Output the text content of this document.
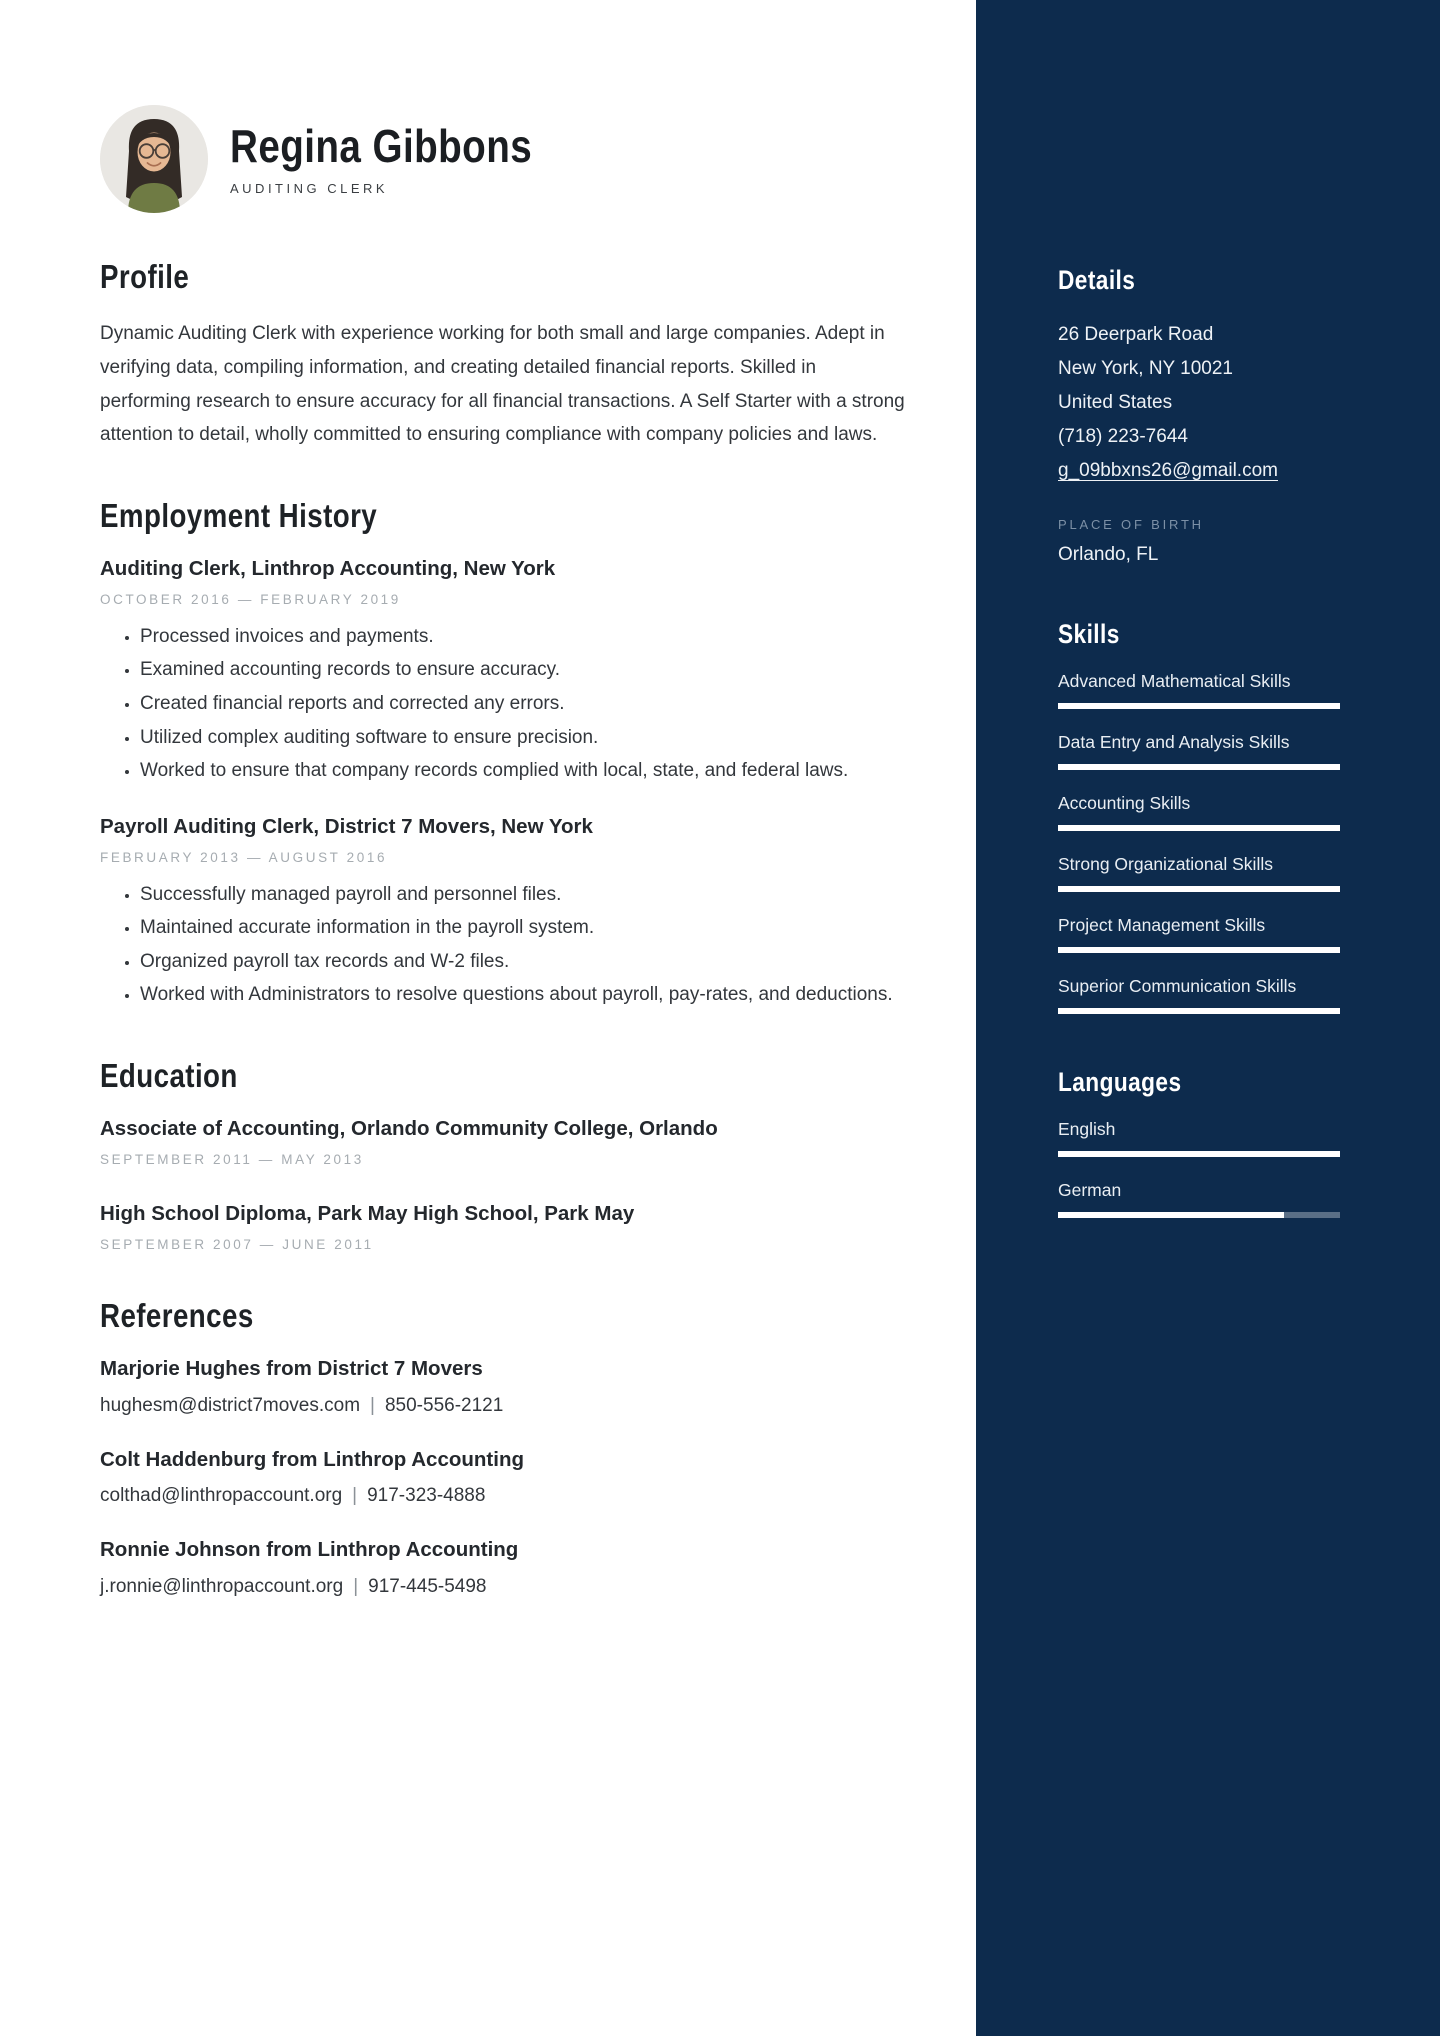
Regina Gibbons
AUDITING CLERK
Profile

Dynamic Auditing Clerk with experience working for both small and large companies. Adept in verifying data, compiling information, and creating detailed financial reports. Skilled in performing research to ensure accuracy for all financial transactions. A Self Starter with a strong attention to detail, wholly committed to ensuring compliance with company policies and laws.

Employment History
Auditing Clerk, Linthrop Accounting, New York
OCTOBER 2016 — FEBRUARY 2019
• Processed invoices and payments.
• Examined accounting records to ensure accuracy.
• Created financial reports and corrected any errors.
• Utilized complex auditing software to ensure precision.
• Worked to ensure that company records complied with local, state, and federal laws.
Payroll Auditing Clerk, District 7 Movers, New York
FEBRUARY 2013 — AUGUST 2016
• Successfully managed payroll and personnel files.
• Maintained accurate information in the payroll system.
• Organized payroll tax records and W-2 files.
• Worked with Administrators to resolve questions about payroll, pay-rates, and deductions.
Education
Associate of Accounting, Orlando Community College, Orlando
SEPTEMBER 2011 — MAY 2013
High School Diploma, Park May High School, Park May
SEPTEMBER 2007 — JUNE 2011
References
Marjorie Hughes from District 7 Movers
hughesm@district7moves.com | 850-556-2121
Colt Haddenburg from Linthrop Accounting
colthad@linthropaccount.org | 917-323-4888
Ronnie Johnson from Linthrop Accounting
j.ronnie@linthropaccount.org | 917-445-5498
Details
26 Deerpark Road
New York, NY 10021
United States
(718) 223-7644
g_09bbxns26@gmail.com
PLACE OF BIRTH
Orlando, FL
Skills
Advanced Mathematical Skills
Data Entry and Analysis Skills
Accounting Skills
Strong Organizational Skills
Project Management Skills
Superior Communication Skills
Languages
English
German
